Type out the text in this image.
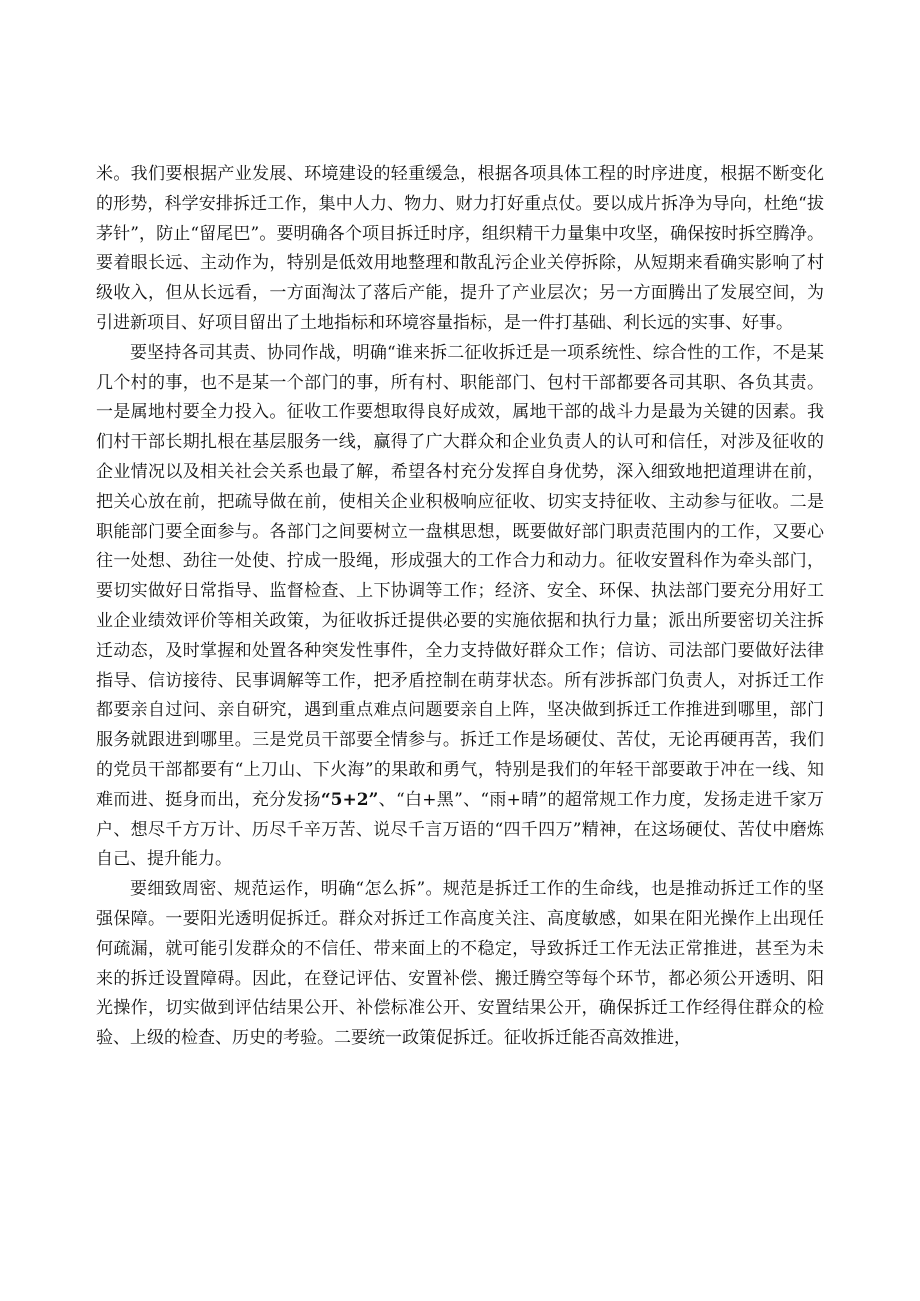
米。我们要根据产业发展、环境建设的轻重缓急，根据各项具体工程的时序进度，根据不断变化的形势，科学安排拆迁工作，集中人力、物力、财力打好重点仗。要以成片拆净为导向，杜绝“拔茅针”，防止“留尾巴”。要明确各个项目拆迁时序，组织精干力量集中攻坚，确保按时拆空腾净。要着眼长远、主动作为，特别是低效用地整理和散乱污企业关停拆除，从短期来看确实影响了村级收入，但从长远看，一方面淘汰了落后产能，提升了产业层次；另一方面腾出了发展空间，为引进新项目、好项目留出了土地指标和环境容量指标，是一件打基础、利长远的实事、好事。

要坚持各司其责、协同作战，明确“谁来拆二征收拆迁是一项系统性、综合性的工作，不是某几个村的事，也不是某一个部门的事，所有村、职能部门、包村干部都要各司其职、各负其责。一是属地村要全力投入。征收工作要想取得良好成效，属地干部的战斗力是最为关键的因素。我们村干部长期扎根在基层服务一线，赢得了广大群众和企业负责人的认可和信任，对涉及征收的企业情况以及相关社会关系也最了解，希望各村充分发挥自身优势，深入细致地把道理讲在前，把关心放在前，把疏导做在前，使相关企业积极响应征收、切实支持征收、主动参与征收。二是职能部门要全面参与。各部门之间要树立一盘棋思想，既要做好部门职责范围内的工作，又要心往一处想、劲往一处使、拧成一股绳，形成强大的工作合力和动力。征收安置科作为牵头部门，要切实做好日常指导、监督检查、上下协调等工作；经济、安全、环保、执法部门要充分用好工业企业绩效评价等相关政策，为征收拆迁提供必要的实施依据和执行力量；派出所要密切关注拆迁动态，及时掌握和处置各种突发性事件，全力支持做好群众工作；信访、司法部门要做好法律指导、信访接待、民事调解等工作，把矛盾控制在萌芽状态。所有涉拆部门负责人，对拆迁工作都要亲自过问、亲自研究，遇到重点难点问题要亲自上阵，坚决做到拆迁工作推进到哪里，部门服务就跟进到哪里。三是党员干部要全情参与。拆迁工作是场硬仗、苦仗，无论再硬再苦，我们的党员干部都要有“上刀山、下火海”的果敢和勇气，特别是我们的年轻干部要敢于冲在一线、知难而进、挺身而出，充分发扬“5+2”、“白+黑”、“雨+晴”的超常规工作力度，发扬走进千家万户、想尽千方万计、历尽千辛万苦、说尽千言万语的“四千四万”精神，在这场硬仗、苦仗中磨炼自己、提升能力。

要细致周密、规范运作，明确“怎么拆”。规范是拆迁工作的生命线，也是推动拆迁工作的坚强保障。一要阳光透明促拆迁。群众对拆迁工作高度关注、高度敏感，如果在阳光操作上出现任何疏漏，就可能引发群众的不信任、带来面上的不稳定，导致拆迁工作无法正常推进，甚至为未来的拆迁设置障碍。因此，在登记评估、安置补偿、搬迁腾空等每个环节，都必须公开透明、阳光操作，切实做到评估结果公开、补偿标准公开、安置结果公开，确保拆迁工作经得住群众的检验、上级的检查、历史的考验。二要统一政策促拆迁。征收拆迁能否高效推进，
